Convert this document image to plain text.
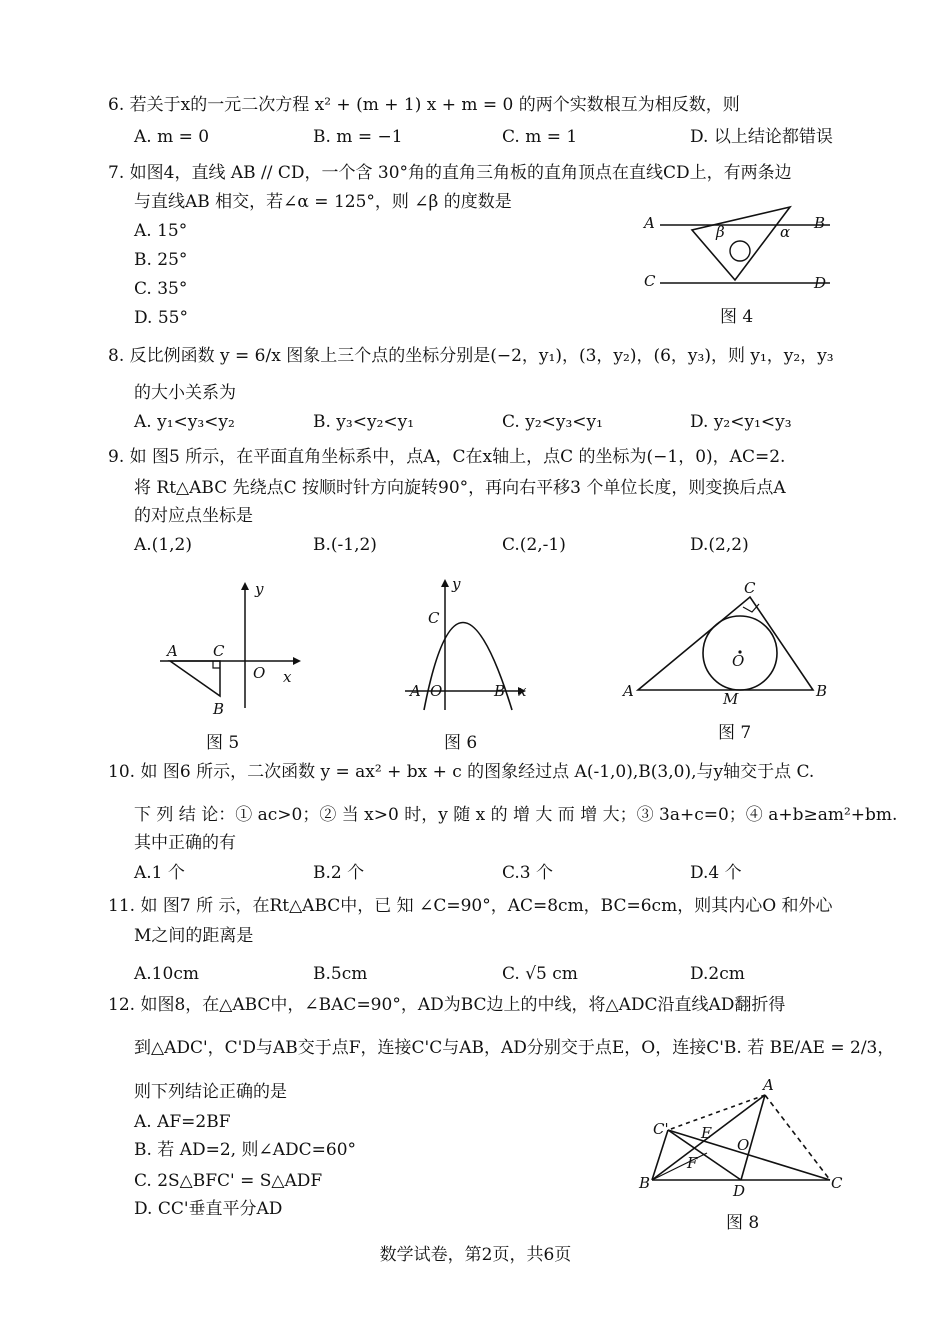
6. 若关于x的一元二次方程 x² + (m + 1) x + m = 0 的两个实数根互为相反数，则
A. m = 0	B. m = −1	C. m = 1	D. 以上结论都错误
7. 如图4，直线 AB // CD，一个含 30°角的直角三角板的直角顶点在直线CD上，有两条边
与直线AB 相交，若∠α = 125°，则 ∠β 的度数是
A. 15°
B. 25°
C. 35°
D. 55°
A	B
C	D
β	α
图 4
8. 反比例函数 y = 6/x 图象上三个点的坐标分别是(−2，y₁)，(3，y₂)，(6，y₃)，则 y₁，y₂，y₃
的大小关系为
A. y₁<y₃<y₂	B. y₃<y₂<y₁	C. y₂<y₃<y₁	D. y₂<y₁<y₃
9. 如 图5 所示，在平面直角坐标系中，点A，C在x轴上，点C 的坐标为(−1，0)，AC=2.
将 Rt△ABC 先绕点C 按顺时针方向旋转90°，再向右平移3 个单位长度，则变换后点A
的对应点坐标是
A.(1,2)	B.(-1,2)	C.(2,-1)	D.(2,2)
y
A C
O x
B
图 5
y
C
A O	B x
图 6
C
O
A	M	B
图 7
10. 如 图6 所示，二次函数 y = ax² + bx + c 的图象经过点 A(-1,0),B(3,0),与y轴交于点 C.
下 列 结 论：① ac>0；② 当 x>0 时，y 随 x 的 增 大 而 增 大；③ 3a+c=0；④ a+b≥am²+bm.
其中正确的有
A.1 个	B.2 个	C.3 个	D.4 个
11. 如 图7 所 示，在Rt△ABC中，已 知 ∠C=90°，AC=8cm，BC=6cm，则其内心O 和外心
M之间的距离是
A.10cm	B.5cm	C. √5 cm	D.2cm
12. 如图8，在△ABC中，∠BAC=90°，AD为BC边上的中线，将△ADC沿直线AD翻折得
到△ADC'，C'D与AB交于点F，连接C'C与AB，AD分别交于点E，O，连接C'B. 若 BE/AE = 2/3，
则下列结论正确的是
A. AF=2BF
B. 若 AD=2, 则∠ADC=60°
C. 2S△BFC' = S△ADF
D. CC'垂直平分AD
A
C' E
O
F
B	D	C
图 8
数学试卷，第2页，共6页
